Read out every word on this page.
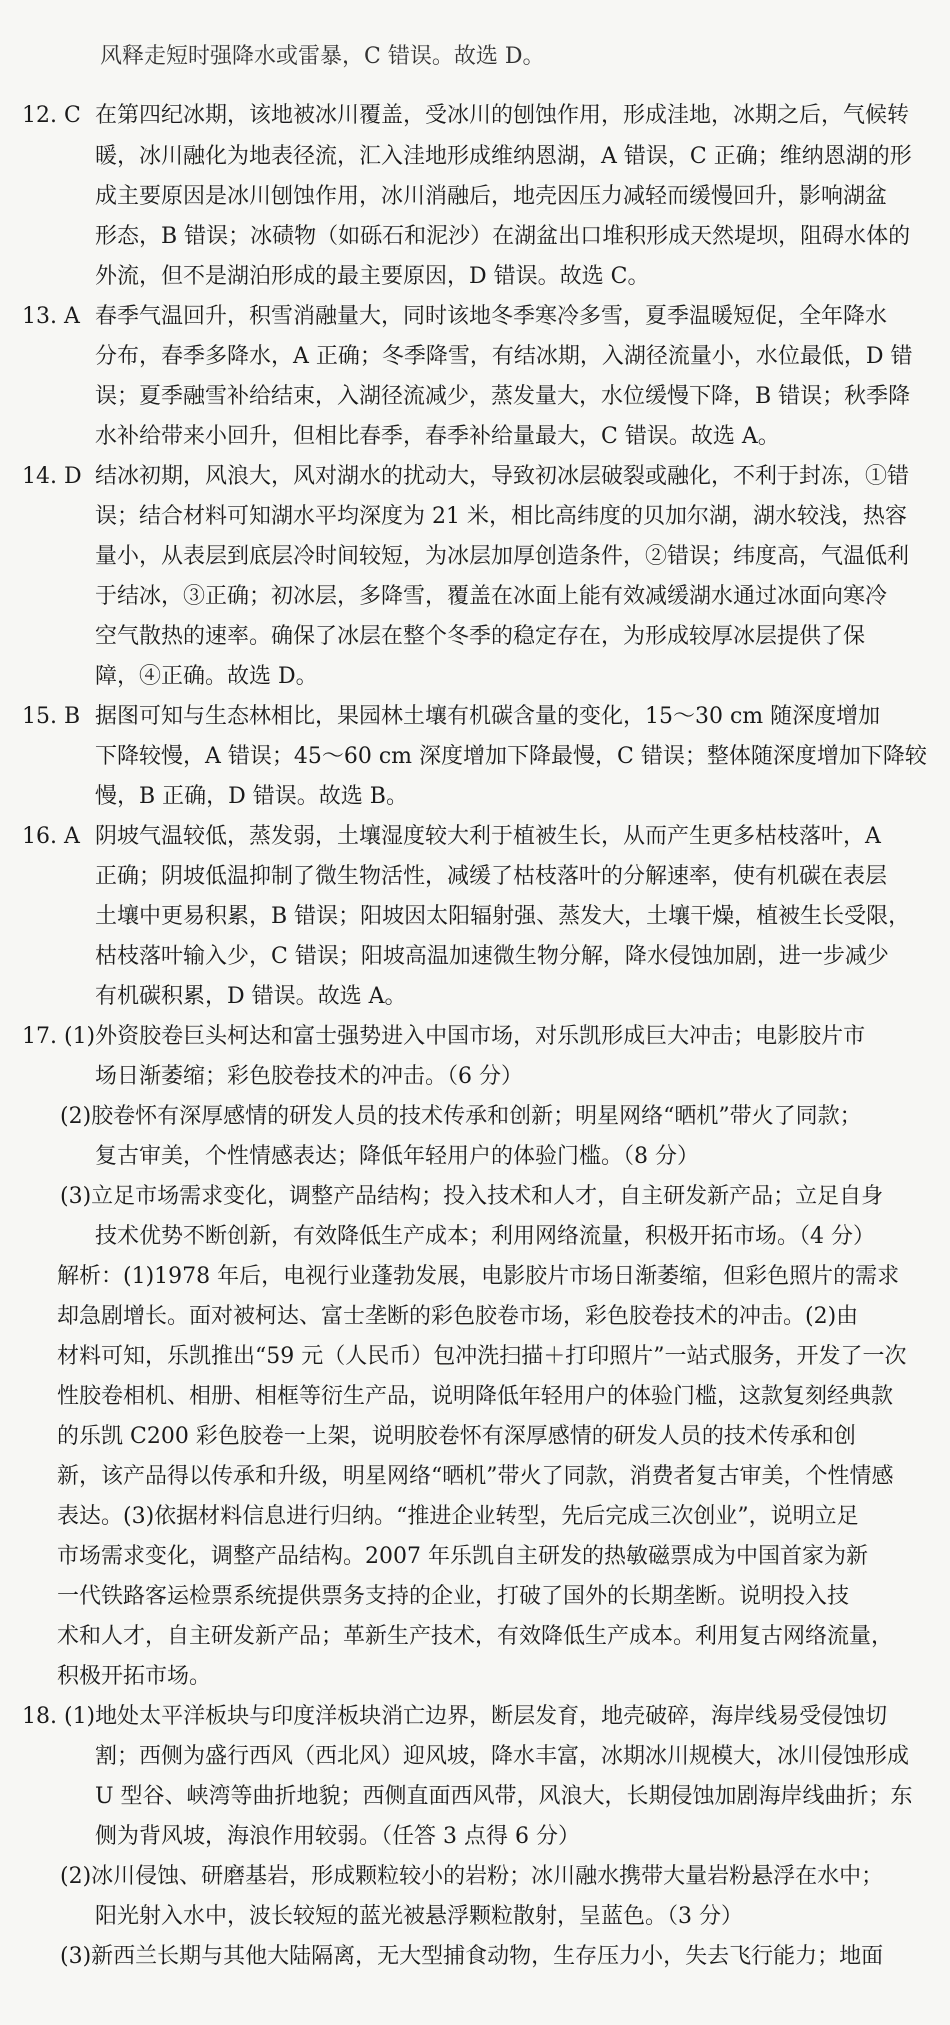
风释走短时强降水或雷暴，C 错误。故选 D。
12. C 在第四纪冰期，该地被冰川覆盖，受冰川的刨蚀作用，形成洼地，冰期之后，气候转
暖，冰川融化为地表径流，汇入洼地形成维纳恩湖，A 错误，C 正确；维纳恩湖的形
成主要原因是冰川刨蚀作用，冰川消融后，地壳因压力减轻而缓慢回升，影响湖盆
形态，B 错误；冰碛物（如砾石和泥沙）在湖盆出口堆积形成天然堤坝，阻碍水体的
外流，但不是湖泊形成的最主要原因，D 错误。故选 C。
13. A 春季气温回升，积雪消融量大，同时该地冬季寒冷多雪，夏季温暖短促，全年降水
分布，春季多降水，A 正确；冬季降雪，有结冰期，入湖径流量小，水位最低，D 错
误；夏季融雪补给结束，入湖径流减少，蒸发量大，水位缓慢下降，B 错误；秋季降
水补给带来小回升，但相比春季，春季补给量最大，C 错误。故选 A。
14. D 结冰初期，风浪大，风对湖水的扰动大，导致初冰层破裂或融化，不利于封冻，①错
误；结合材料可知湖水平均深度为 21 米，相比高纬度的贝加尔湖，湖水较浅，热容
量小，从表层到底层冷时间较短，为冰层加厚创造条件，②错误；纬度高，气温低利
于结冰，③正确；初冰层，多降雪，覆盖在冰面上能有效减缓湖水通过冰面向寒冷
空气散热的速率。确保了冰层在整个冬季的稳定存在，为形成较厚冰层提供了保
障，④正确。故选 D。
15. B 据图可知与生态林相比，果园林土壤有机碳含量的变化，15～30 cm 随深度增加
下降较慢，A 错误；45～60 cm 深度增加下降最慢，C 错误；整体随深度增加下降较
慢，B 正确，D 错误。故选 B。
16. A 阴坡气温较低，蒸发弱，土壤湿度较大利于植被生长，从而产生更多枯枝落叶，A
正确；阴坡低温抑制了微生物活性，减缓了枯枝落叶的分解速率，使有机碳在表层
土壤中更易积累，B 错误；阳坡因太阳辐射强、蒸发大，土壤干燥，植被生长受限，
枯枝落叶输入少，C 错误；阳坡高温加速微生物分解，降水侵蚀加剧，进一步减少
有机碳积累，D 错误。故选 A。
17. (1)外资胶卷巨头柯达和富士强势进入中国市场，对乐凯形成巨大冲击；电影胶片市
场日渐萎缩；彩色胶卷技术的冲击。（6 分）
(2)胶卷怀有深厚感情的研发人员的技术传承和创新；明星网络“晒机”带火了同款；
复古审美，个性情感表达；降低年轻用户的体验门槛。（8 分）
(3)立足市场需求变化，调整产品结构；投入技术和人才，自主研发新产品；立足自身
技术优势不断创新，有效降低生产成本；利用网络流量，积极开拓市场。（4 分）
解析：(1)1978 年后，电视行业蓬勃发展，电影胶片市场日渐萎缩，但彩色照片的需求
却急剧增长。面对被柯达、富士垄断的彩色胶卷市场，彩色胶卷技术的冲击。(2)由
材料可知，乐凯推出“59 元（人民币）包冲洗扫描＋打印照片”一站式服务，开发了一次
性胶卷相机、相册、相框等衍生产品，说明降低年轻用户的体验门槛，这款复刻经典款
的乐凯 C200 彩色胶卷一上架，说明胶卷怀有深厚感情的研发人员的技术传承和创
新，该产品得以传承和升级，明星网络“晒机”带火了同款，消费者复古审美，个性情感
表达。(3)依据材料信息进行归纳。“推进企业转型，先后完成三次创业”，说明立足
市场需求变化，调整产品结构。2007 年乐凯自主研发的热敏磁票成为中国首家为新
一代铁路客运检票系统提供票务支持的企业，打破了国外的长期垄断。说明投入技
术和人才，自主研发新产品；革新生产技术，有效降低生产成本。利用复古网络流量，
积极开拓市场。
18. (1)地处太平洋板块与印度洋板块消亡边界，断层发育，地壳破碎，海岸线易受侵蚀切
割；西侧为盛行西风（西北风）迎风坡，降水丰富，冰期冰川规模大，冰川侵蚀形成
U 型谷、峡湾等曲折地貌；西侧直面西风带，风浪大，长期侵蚀加剧海岸线曲折；东
侧为背风坡，海浪作用较弱。（任答 3 点得 6 分）
(2)冰川侵蚀、研磨基岩，形成颗粒较小的岩粉；冰川融水携带大量岩粉悬浮在水中；
阳光射入水中，波长较短的蓝光被悬浮颗粒散射，呈蓝色。（3 分）
(3)新西兰长期与其他大陆隔离，无大型捕食动物，生存压力小，失去飞行能力；地面
